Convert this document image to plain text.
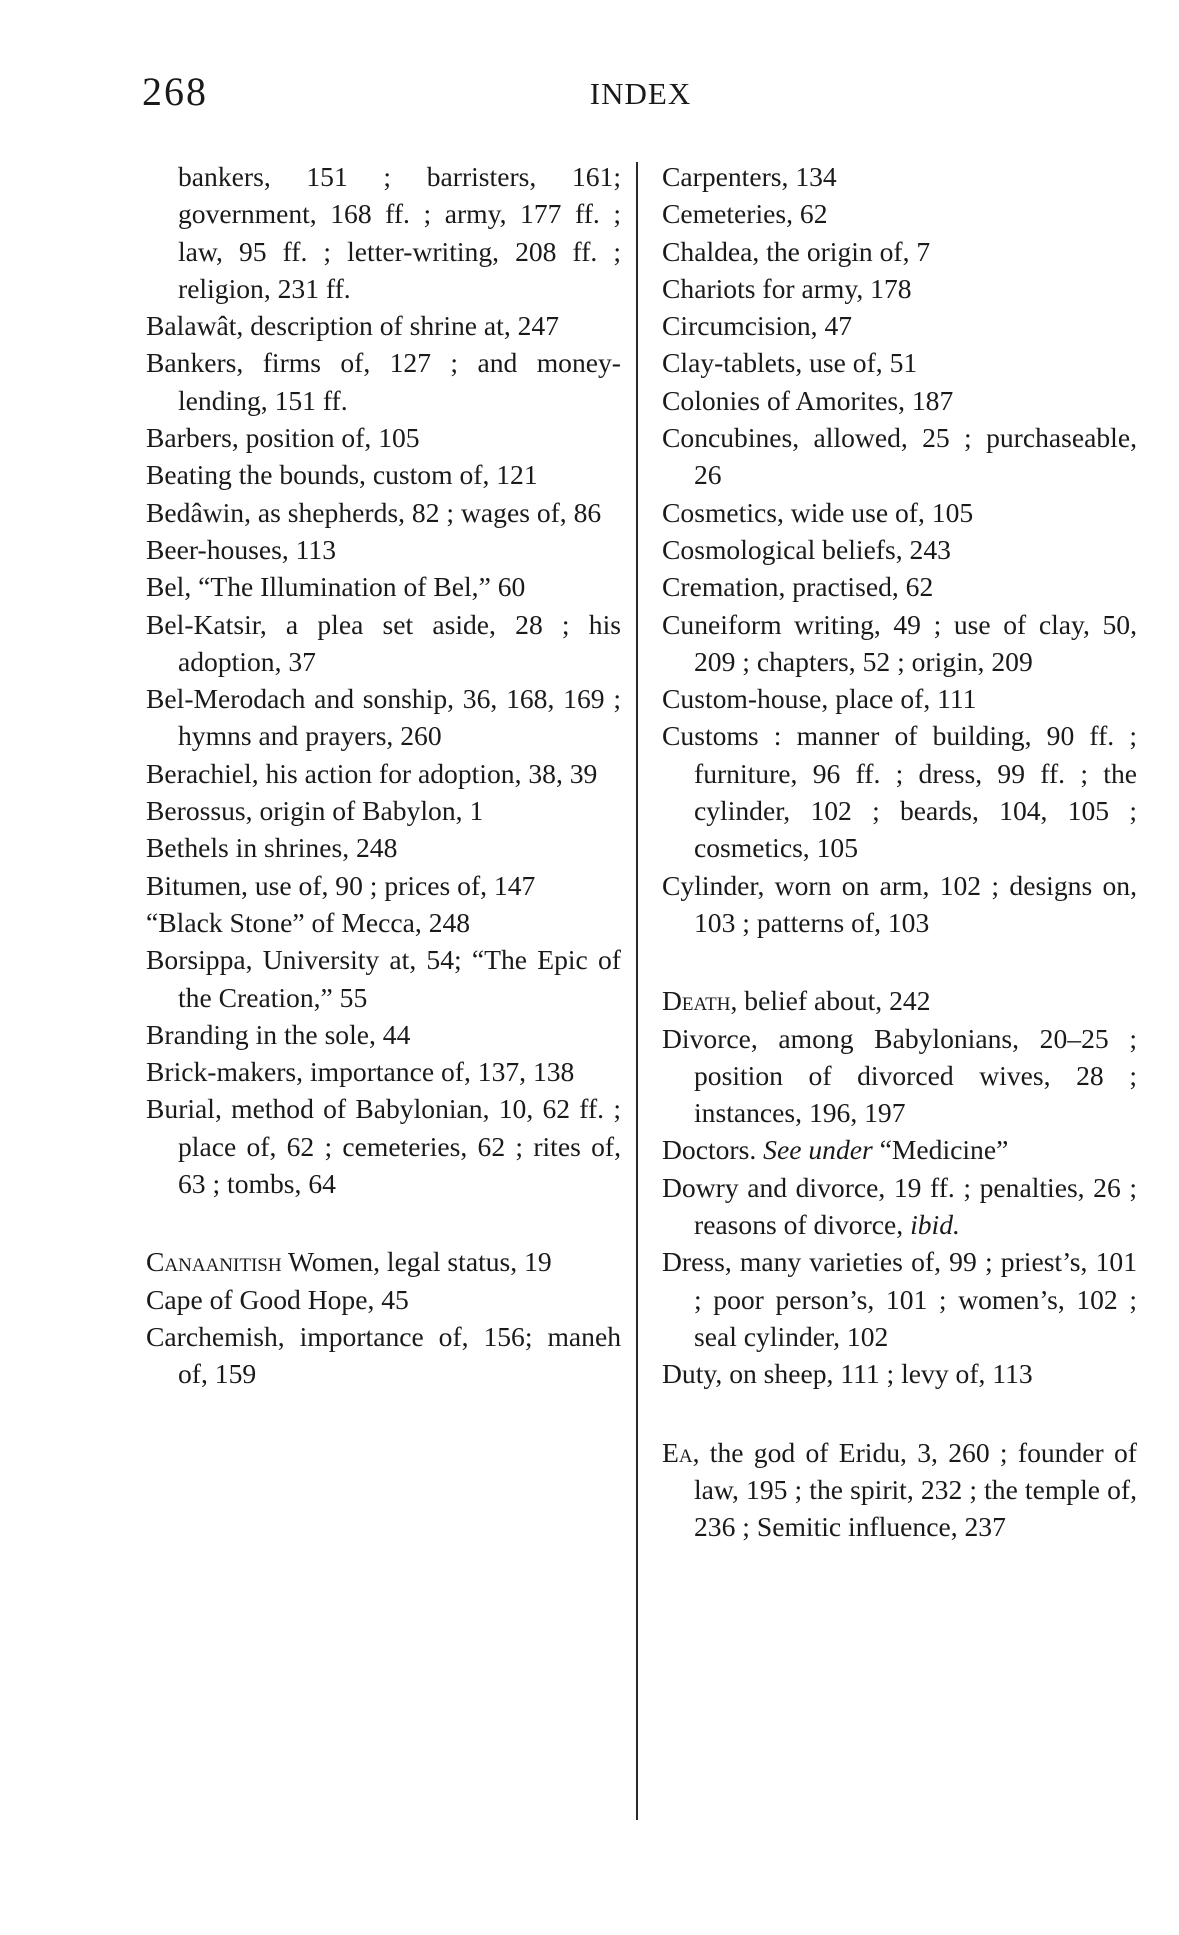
268	INDEX

bankers, 151 ; barristers, 161; government, 168 ff. ; army, 177 ff. ; law, 95 ff. ; letter-writing, 208 ff. ; religion, 231 ff.

Balawât, description of shrine at, 247

Bankers, firms of, 127 ; and money-lending, 151 ff.

Barbers, position of, 105

Beating the bounds, custom of, 121

Bedâwin, as shepherds, 82 ; wages of, 86

Beer-houses, 113

Bel, “The Illumination of Bel,” 60

Bel-Katsir, a plea set aside, 28 ; his adoption, 37

Bel-Merodach and sonship, 36, 168, 169 ; hymns and prayers, 260

Berachiel, his action for adoption, 38, 39

Berossus, origin of Babylon, 1

Bethels in shrines, 248

Bitumen, use of, 90 ; prices of, 147

“Black Stone” of Mecca, 248

Borsippa, University at, 54; “The Epic of the Creation,” 55

Branding in the sole, 44

Brick-makers, importance of, 137, 138

Burial, method of Babylonian, 10, 62 ff. ; place of, 62 ; cemeteries, 62 ; rites of, 63 ; tombs, 64

Canaanitish Women, legal status, 19

Cape of Good Hope, 45

Carchemish, importance of, 156; maneh of, 159

Carpenters, 134

Cemeteries, 62

Chaldea, the origin of, 7

Chariots for army, 178

Circumcision, 47

Clay-tablets, use of, 51

Colonies of Amorites, 187

Concubines, allowed, 25 ; purchaseable, 26

Cosmetics, wide use of, 105

Cosmological beliefs, 243

Cremation, practised, 62

Cuneiform writing, 49 ; use of clay, 50, 209 ; chapters, 52 ; origin, 209

Custom-house, place of, 111

Customs : manner of building, 90 ff. ; furniture, 96 ff. ; dress, 99 ff. ; the cylinder, 102 ; beards, 104, 105 ; cosmetics, 105

Cylinder, worn on arm, 102 ; designs on, 103 ; patterns of, 103

Death, belief about, 242

Divorce, among Babylonians, 20–25 ; position of divorced wives, 28 ; instances, 196, 197

Doctors. See under “Medicine”

Dowry and divorce, 19 ff. ; penalties, 26 ; reasons of divorce, ibid.

Dress, many varieties of, 99 ; priest’s, 101 ; poor person’s, 101 ; women’s, 102 ; seal cylinder, 102

Duty, on sheep, 111 ; levy of, 113

Ea, the god of Eridu, 3, 260 ; founder of law, 195 ; the spirit, 232 ; the temple of, 236 ; Semitic influence, 237
